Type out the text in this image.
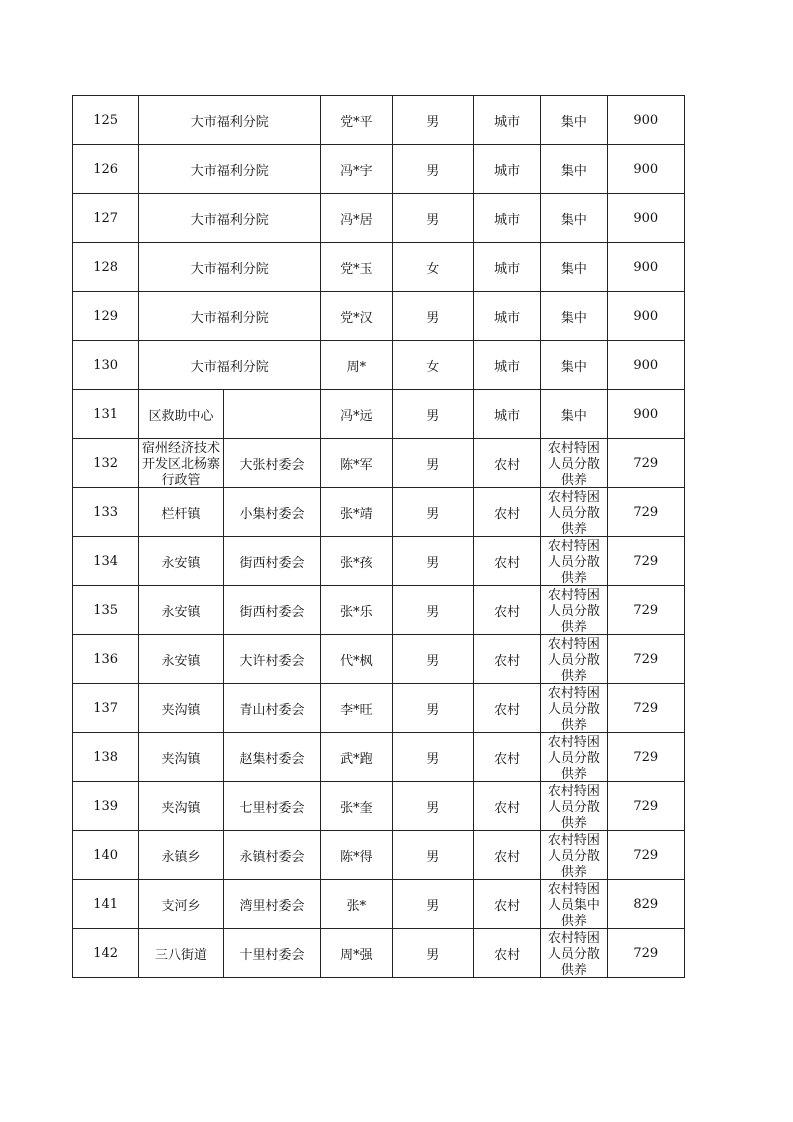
125	大市福利分院		党*平	男	城市	集中	900
126	大市福利分院		冯*宇	男	城市	集中	900
127	大市福利分院		冯*居	男	城市	集中	900
128	大市福利分院		党*玉	女	城市	集中	900
129	大市福利分院		党*汉	男	城市	集中	900
130	大市福利分院		周*	女	城市	集中	900
131	区救助中心		冯*远	男	城市	集中	900
132	宿州经济技术开发区北杨寨行政管	大张村委会	陈*军	男	农村	农村特困人员分散供养	729
133	栏杆镇	小集村委会	张*靖	男	农村	农村特困人员分散供养	729
134	永安镇	街西村委会	张*孩	男	农村	农村特困人员分散供养	729
135	永安镇	街西村委会	张*乐	男	农村	农村特困人员分散供养	729
136	永安镇	大许村委会	代*枫	男	农村	农村特困人员分散供养	729
137	夹沟镇	青山村委会	李*旺	男	农村	农村特困人员分散供养	729
138	夹沟镇	赵集村委会	武*跑	男	农村	农村特困人员分散供养	729
139	夹沟镇	七里村委会	张*奎	男	农村	农村特困人员分散供养	729
140	永镇乡	永镇村委会	陈*得	男	农村	农村特困人员分散供养	729
141	支河乡	湾里村委会	张*	男	农村	农村特困人员集中供养	829
142	三八街道	十里村委会	周*强	男	农村	农村特困人员分散供养	729
